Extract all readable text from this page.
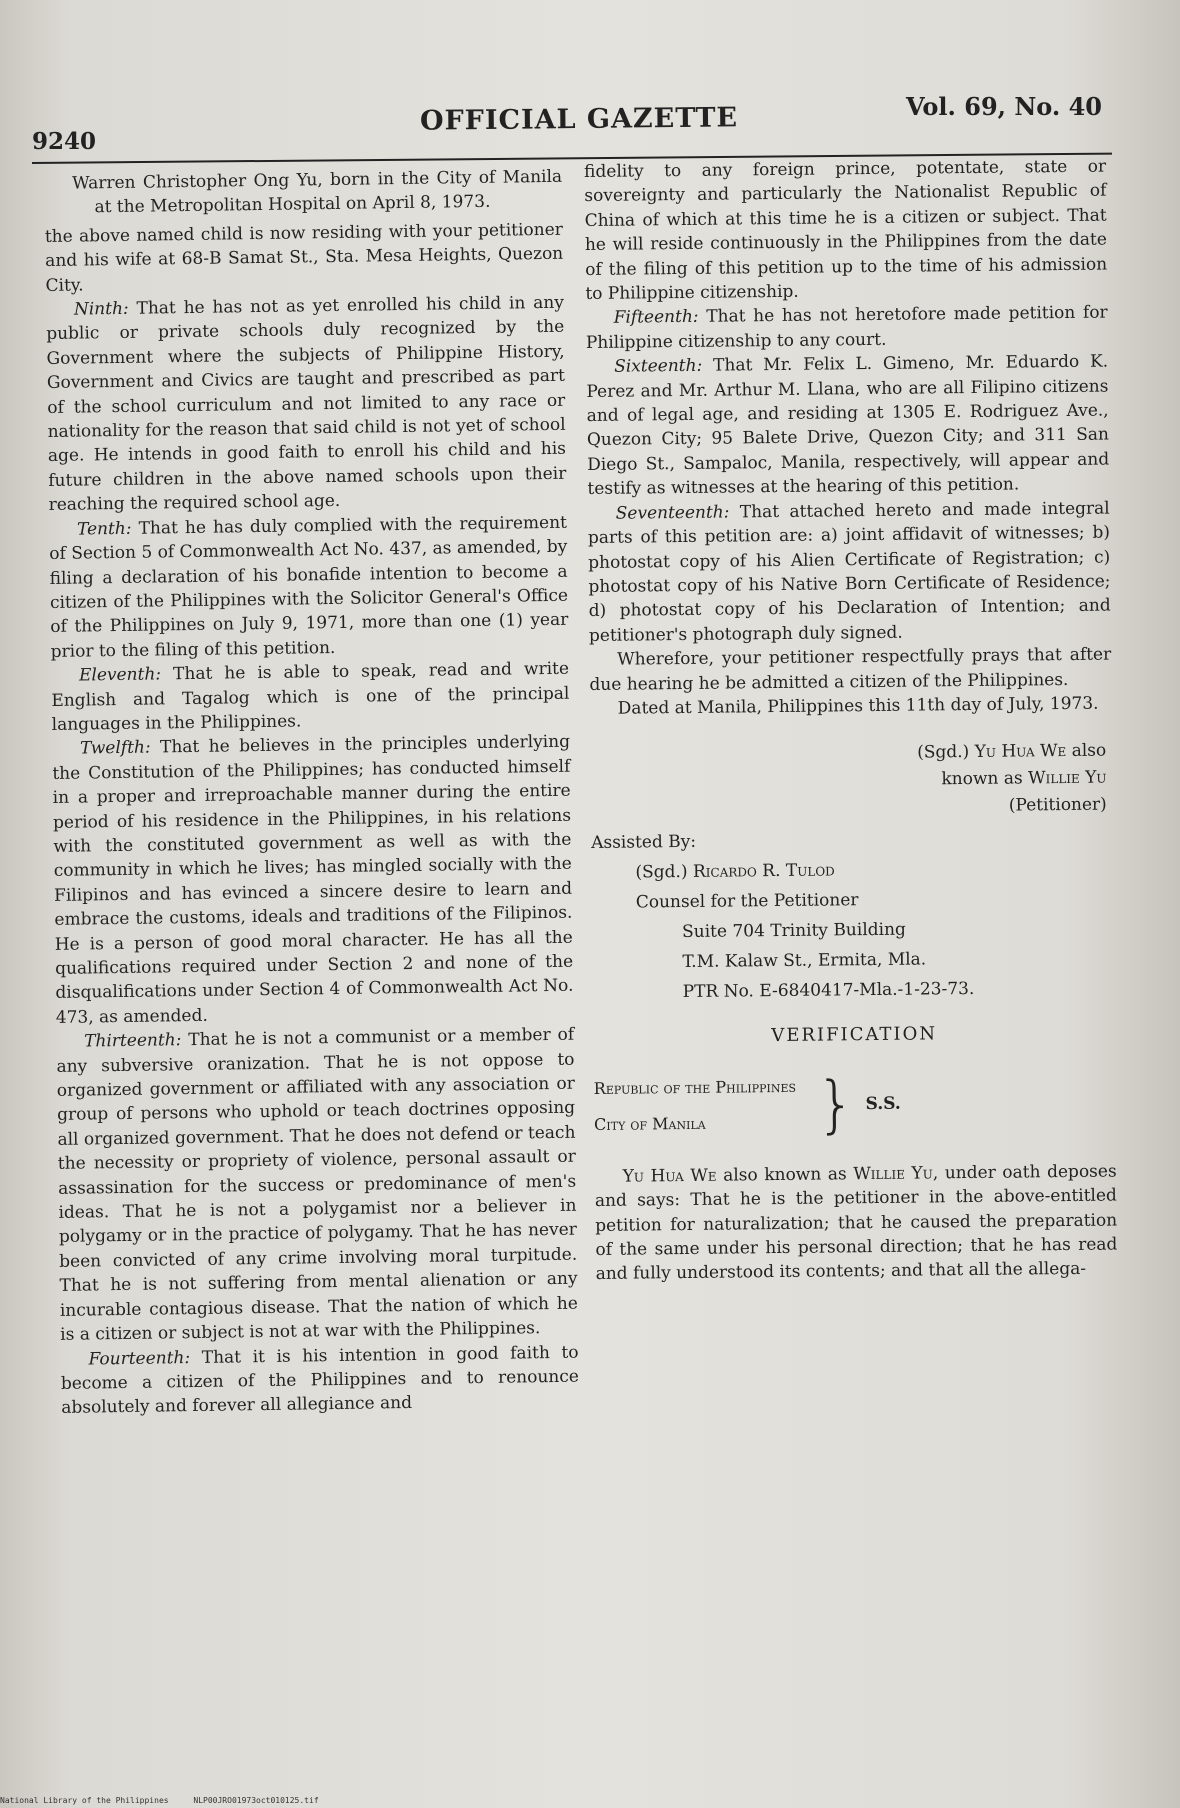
9240
OFFICIAL GAZETTE	Vol. 69, No. 40

Warren Christopher Ong Yu, born in the City of Manila at the Metropolitan Hospital on April 8, 1973.

the above named child is now residing with your petitioner and his wife at 68-B Samat St., Sta. Mesa Heights, Quezon City.

Ninth: That he has not as yet enrolled his child in any public or private schools duly recognized by the Government where the subjects of Philippine History, Government and Civics are taught and prescribed as part of the school curriculum and not limited to any race or nationality for the reason that said child is not yet of school age. He intends in good faith to enroll his child and his future children in the above named schools upon their reaching the required school age.

Tenth: That he has duly complied with the requirement of Section 5 of Commonwealth Act No. 437, as amended, by filing a declaration of his bonafide intention to become a citizen of the Philippines with the Solicitor General's Office of the Philippines on July 9, 1971, more than one (1) year prior to the filing of this petition.

Eleventh: That he is able to speak, read and write English and Tagalog which is one of the principal languages in the Philippines.

Twelfth: That he believes in the principles underlying the Constitution of the Philippines; has conducted himself in a proper and irreproachable manner during the entire period of his residence in the Philippines, in his relations with the constituted government as well as with the community in which he lives; has mingled socially with the Filipinos and has evinced a sincere desire to learn and embrace the customs, ideals and traditions of the Filipinos. He is a person of good moral character. He has all the qualifications required under Section 2 and none of the disqualifications under Section 4 of Commonwealth Act No. 473, as amended.

Thirteenth: That he is not a communist or a member of any subversive oranization. That he is not oppose to organized government or affiliated with any association or group of persons who uphold or teach doctrines opposing all organized government. That he does not defend or teach the necessity or propriety of violence, personal assault or assassination for the success or predominance of men's ideas. That he is not a polygamist nor a believer in polygamy or in the practice of polygamy. That he has never been convicted of any crime involving moral turpitude. That he is not suffering from mental alienation or any incurable contagious disease. That the nation of which he is a citizen or subject is not at war with the Philippines.

Fourteenth: That it is his intention in good faith to become a citizen of the Philippines and to renounce absolutely and forever all allegiance and

fidelity to any foreign prince, potentate, state or sovereignty and particularly the Nationalist Republic of China of which at this time he is a citizen or subject. That he will reside continuously in the Philippines from the date of the filing of this petition up to the time of his admission to Philippine citizenship.

Fifteenth: That he has not heretofore made petition for Philippine citizenship to any court.

Sixteenth: That Mr. Felix L. Gimeno, Mr. Eduardo K. Perez and Mr. Arthur M. Llana, who are all Filipino citizens and of legal age, and residing at 1305 E. Rodriguez Ave., Quezon City; 95 Balete Drive, Quezon City; and 311 San Diego St., Sampaloc, Manila, respectively, will appear and testify as witnesses at the hearing of this petition.

Seventeenth: That attached hereto and made integral parts of this petition are: a) joint affidavit of witnesses; b) photostat copy of his Alien Certificate of Registration; c) photostat copy of his Native Born Certificate of Residence; d) photostat copy of his Declaration of Intention; and petitioner's photograph duly signed.

Wherefore, your petitioner respectfully prays that after due hearing he be admitted a citizen of the Philippines.

Dated at Manila, Philippines this 11th day of July, 1973.

(Sgd.) Yu Hua We also
known as Willie Yu
(Petitioner)

Assisted By:

(Sgd.) Ricardo R. Tulod

Counsel for the Petitioner

Suite 704 Trinity Building

T.M. Kalaw St., Ermita, Mla.

PTR No. E-6840417-Mla.-1-23-73.

VERIFICATION

Republic of the Philippines
City of Manila	} S.S.

Yu Hua We also known as Willie Yu, under oath deposes and says: That he is the petitioner in the above-entitled petition for naturalization; that he caused the preparation of the same under his personal direction; that he has read and fully understood its contents; and that all the allega-

National Library of the Philippines	NLP00JRO01973oct010125.tif
